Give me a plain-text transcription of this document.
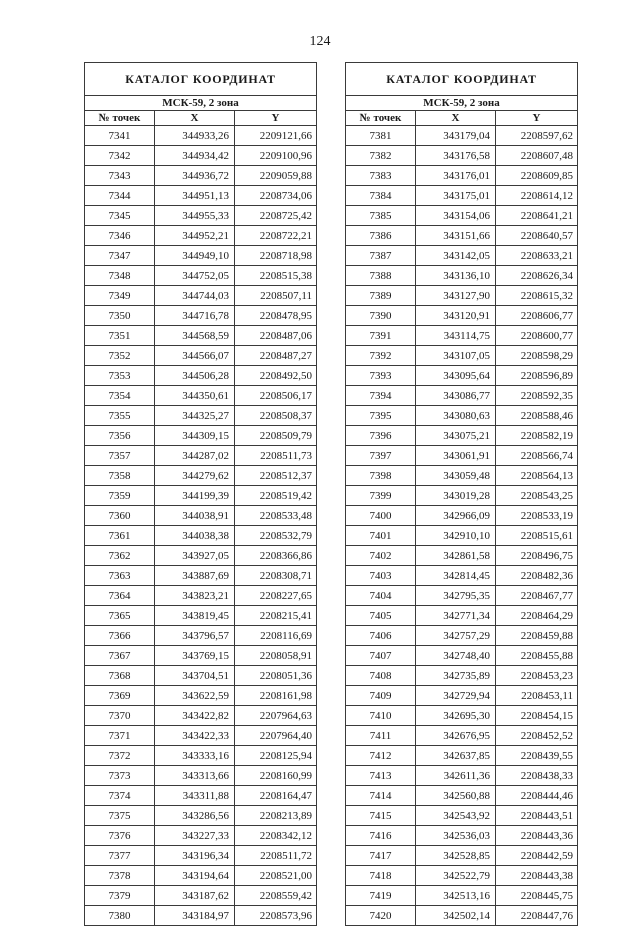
124
КАТАЛОГ КООРДИНАТ		
МСК-59, 2 зона		
№ точек	X	Y
7341	344933,26	2209121,66
7342	344934,42	2209100,96
7343	344936,72	2209059,88
7344	344951,13	2208734,06
7345	344955,33	2208725,42
7346	344952,21	2208722,21
7347	344949,10	2208718,98
7348	344752,05	2208515,38
7349	344744,03	2208507,11
7350	344716,78	2208478,95
7351	344568,59	2208487,06
7352	344566,07	2208487,27
7353	344506,28	2208492,50
7354	344350,61	2208506,17
7355	344325,27	2208508,37
7356	344309,15	2208509,79
7357	344287,02	2208511,73
7358	344279,62	2208512,37
7359	344199,39	2208519,42
7360	344038,91	2208533,48
7361	344038,38	2208532,79
7362	343927,05	2208366,86
7363	343887,69	2208308,71
7364	343823,21	2208227,65
7365	343819,45	2208215,41
7366	343796,57	2208116,69
7367	343769,15	2208058,91
7368	343704,51	2208051,36
7369	343622,59	2208161,98
7370	343422,82	2207964,63
7371	343422,33	2207964,40
7372	343333,16	2208125,94
7373	343313,66	2208160,99
7374	343311,88	2208164,47
7375	343286,56	2208213,89
7376	343227,33	2208342,12
7377	343196,34	2208511,72
7378	343194,64	2208521,00
7379	343187,62	2208559,42
7380	343184,97	2208573,96
КАТАЛОГ КООРДИНАТ		
МСК-59, 2 зона		
№ точек	X	Y
7381	343179,04	2208597,62
7382	343176,58	2208607,48
7383	343176,01	2208609,85
7384	343175,01	2208614,12
7385	343154,06	2208641,21
7386	343151,66	2208640,57
7387	343142,05	2208633,21
7388	343136,10	2208626,34
7389	343127,90	2208615,32
7390	343120,91	2208606,77
7391	343114,75	2208600,77
7392	343107,05	2208598,29
7393	343095,64	2208596,89
7394	343086,77	2208592,35
7395	343080,63	2208588,46
7396	343075,21	2208582,19
7397	343061,91	2208566,74
7398	343059,48	2208564,13
7399	343019,28	2208543,25
7400	342966,09	2208533,19
7401	342910,10	2208515,61
7402	342861,58	2208496,75
7403	342814,45	2208482,36
7404	342795,35	2208467,77
7405	342771,34	2208464,29
7406	342757,29	2208459,88
7407	342748,40	2208455,88
7408	342735,89	2208453,23
7409	342729,94	2208453,11
7410	342695,30	2208454,15
7411	342676,95	2208452,52
7412	342637,85	2208439,55
7413	342611,36	2208438,33
7414	342560,88	2208444,46
7415	342543,92	2208443,51
7416	342536,03	2208443,36
7417	342528,85	2208442,59
7418	342522,79	2208443,38
7419	342513,16	2208445,75
7420	342502,14	2208447,76
